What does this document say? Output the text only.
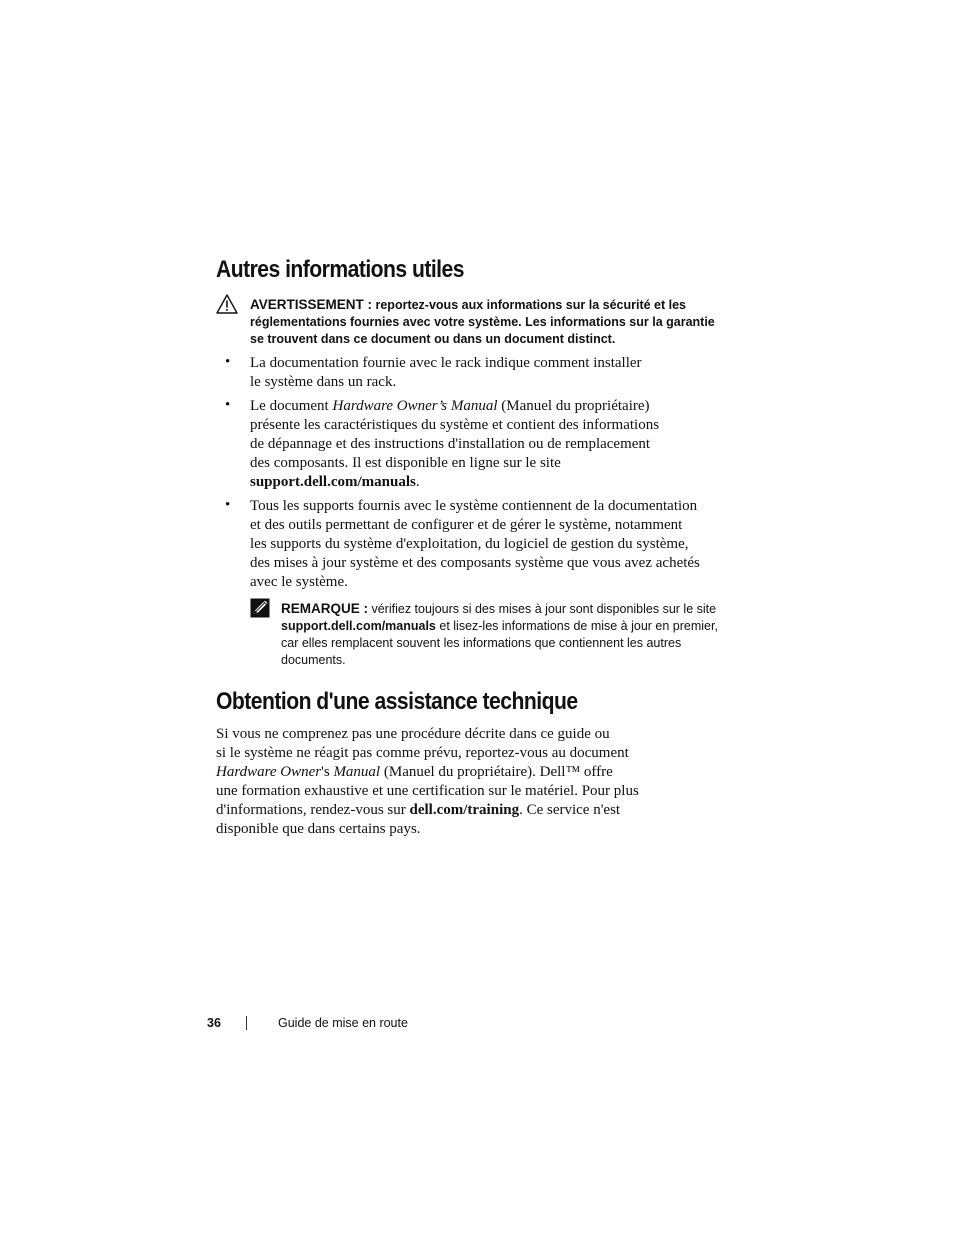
Autres informations utiles
AVERTISSEMENT : reportez-vous aux informations sur la sécurité et les
réglementations fournies avec votre système. Les informations sur la garantie
se trouvent dans ce document ou dans un document distinct.
• La documentation fournie avec le rack indique comment installer
le système dans un rack.

• Le document Hardware Owner’s Manual (Manuel du propriétaire)
présente les caractéristiques du système et contient des informations
de dépannage et des instructions d'installation ou de remplacement
des composants. Il est disponible en ligne sur le site
support.dell.com/manuals.

• Tous les supports fournis avec le système contiennent de la documentation
et des outils permettant de configurer et de gérer le système, notamment
les supports du système d'exploitation, du logiciel de gestion du système,
des mises à jour système et des composants système que vous avez achetés
avec le système.

REMARQUE : vérifiez toujours si des mises à jour sont disponibles sur le site
support.dell.com/manuals et lisez-les informations de mise à jour en premier,
car elles remplacent souvent les informations que contiennent les autres
documents.
Obtention d'une assistance technique

Si vous ne comprenez pas une procédure décrite dans ce guide ou
si le système ne réagit pas comme prévu, reportez-vous au document
Hardware Owner's Manual (Manuel du propriétaire). Dell™ offre
une formation exhaustive et une certification sur le matériel. Pour plus
d'informations, rendez-vous sur dell.com/training. Ce service n'est
disponible que dans certains pays.

36	Guide de mise en route
